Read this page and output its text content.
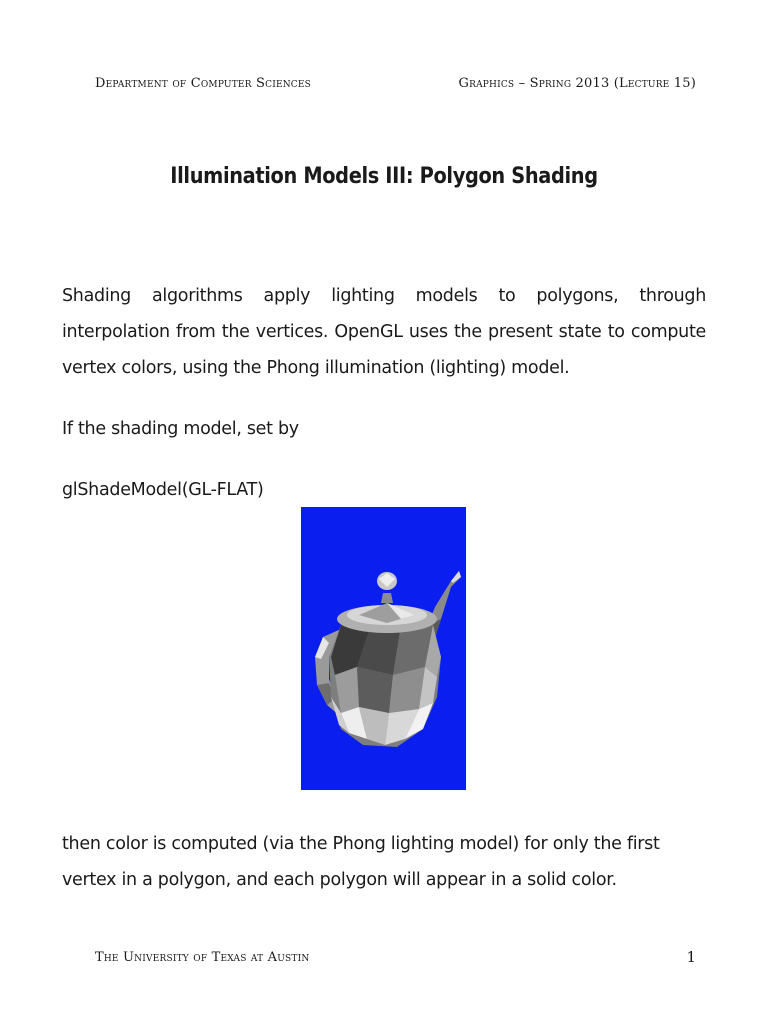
Department of Computer Sciences	Graphics – Spring 2013 (Lecture 15)
Illumination Models III: Polygon Shading
Shading algorithms apply lighting models to polygons, through interpolation from the vertices. OpenGL uses the present state to compute vertex colors, using the Phong illumination (lighting) model.
If the shading model, set by
glShadeModel(GL-FLAT)
then color is computed (via the Phong lighting model) for only the first vertex in a polygon, and each polygon will appear in a solid color.
The University of Texas at Austin	1
